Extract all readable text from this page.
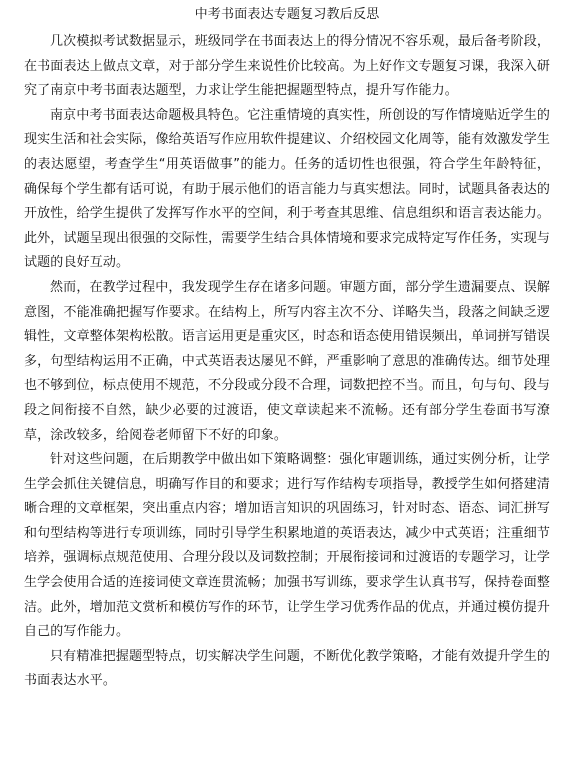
中考书面表达专题复习教后反思

几次模拟考试数据显示，班级同学在书面表达上的得分情况不容乐观，最后备考阶段，在书面表达上做点文章，对于部分学生来说性价比较高。为上好作文专题复习课，我深入研究了南京中考书面表达题型，力求让学生能把握题型特点，提升写作能力。

南京中考书面表达命题极具特色。它注重情境的真实性，所创设的写作情境贴近学生的现实生活和社会实际，像给英语写作应用软件提建议、介绍校园文化周等，能有效激发学生的表达愿望，考查学生“用英语做事”的能力。任务的适切性也很强，符合学生年龄特征，确保每个学生都有话可说，有助于展示他们的语言能力与真实想法。同时，试题具备表达的开放性，给学生提供了发挥写作水平的空间，利于考查其思维、信息组织和语言表达能力。此外，试题呈现出很强的交际性，需要学生结合具体情境和要求完成特定写作任务，实现与试题的良好互动。

然而，在教学过程中，我发现学生存在诸多问题。审题方面，部分学生遗漏要点、误解意图，不能准确把握写作要求。在结构上，所写内容主次不分、详略失当，段落之间缺乏逻辑性，文章整体架构松散。语言运用更是重灾区，时态和语态使用错误频出，单词拼写错误多，句型结构运用不正确，中式英语表达屡见不鲜，严重影响了意思的准确传达。细节处理也不够到位，标点使用不规范，不分段或分段不合理，词数把控不当。而且，句与句、段与段之间衔接不自然，缺少必要的过渡语，使文章读起来不流畅。还有部分学生卷面书写潦草，涂改较多，给阅卷老师留下不好的印象。

针对这些问题，在后期教学中做出如下策略调整：强化审题训练，通过实例分析，让学生学会抓住关键信息，明确写作目的和要求；进行写作结构专项指导，教授学生如何搭建清晰合理的文章框架，突出重点内容；增加语言知识的巩固练习，针对时态、语态、词汇拼写和句型结构等进行专项训练，同时引导学生积累地道的英语表达，减少中式英语；注重细节培养，强调标点规范使用、合理分段以及词数控制；开展衔接词和过渡语的专题学习，让学生学会使用合适的连接词使文章连贯流畅；加强书写训练，要求学生认真书写，保持卷面整洁。此外，增加范文赏析和模仿写作的环节，让学生学习优秀作品的优点，并通过模仿提升自己的写作能力。

只有精准把握题型特点，切实解决学生问题，不断优化教学策略，才能有效提升学生的书面表达水平。
